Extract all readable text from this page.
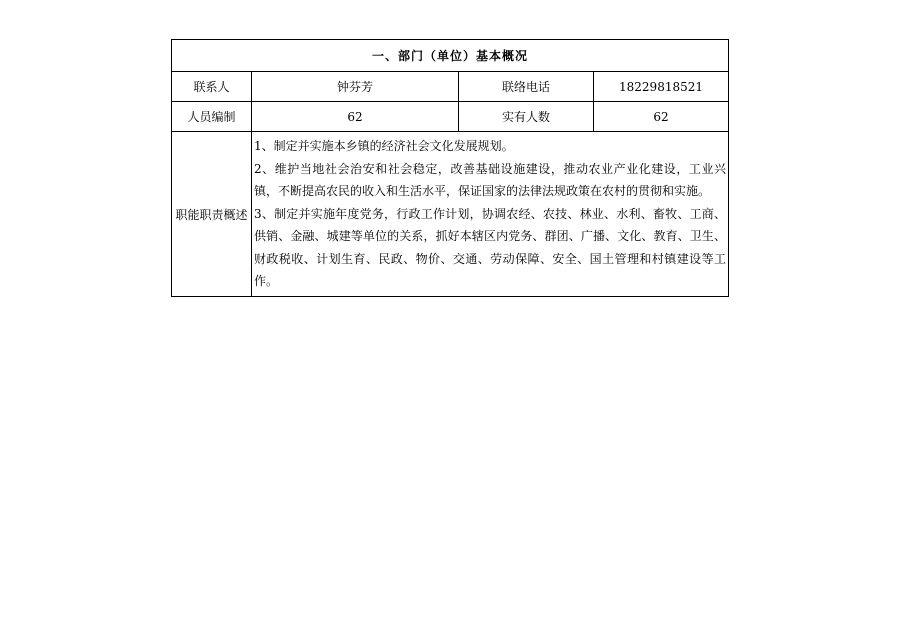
一、部门（单位）基本概况			
联系人	钟芬芳	联络电话	18229818521
人员编制	62	实有人数	62
职能职责概述	1、制定并实施本乡镇的经济社会文化发展规划。

2、维护当地社会治安和社会稳定，改善基础设施建设，推动农业产业化建设，工业兴镇，不断提高农民的收入和生活水平，保证国家的法律法规政策在农村的贯彻和实施。

3、制定并实施年度党务，行政工作计划，协调农经、农技、林业、水利、畜牧、工商、供销、金融、城建等单位的关系，抓好本辖区内党务、群团、广播、文化、教育、卫生、财政税收、计划生育、民政、物价、交通、劳动保障、安全、国土管理和村镇建设等工作。		
